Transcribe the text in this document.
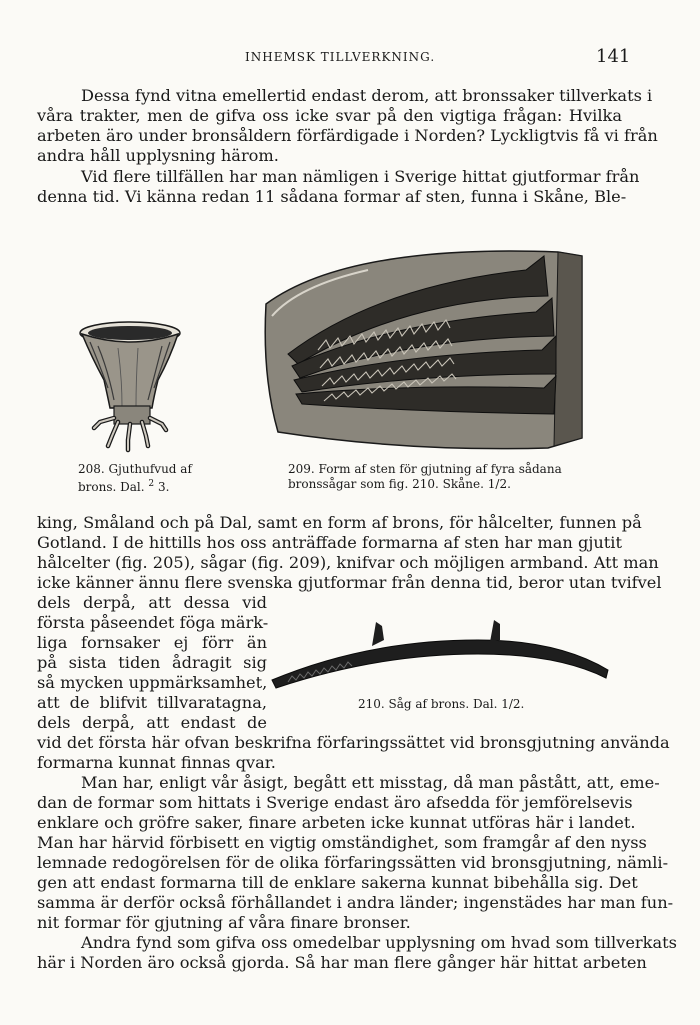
INHEMSK TILLVERKNING.	141
Dessa fynd vitna emellertid endast derom, att bronssaker tillverkats i
våra trakter, men de gifva oss icke svar på den vigtiga frågan: Hvilka
arbeten äro under bronsåldern förfärdigade i Norden? Lyckligtvis få vi från
andra håll upplysning härom.
Vid flere tillfällen har man nämligen i Sverige hittat gjutformar från
denna tid. Vi känna redan 11 sådana formar af sten, funna i Skåne, Ble-
208. Gjuthufvud af
brons. Dal. $^2$ 3.
209. Form af sten för gjutning af fyra sådana
bronssågar som fig. 210. Skåne. 1/2.
king, Småland och på Dal, samt en form af brons, för hålcelter, funnen på
Gotland. I de hittills hos oss anträffade formarna af sten har man gjutit
hålcelter (fig. 205), sågar (fig. 209), knifvar och möjligen armband. Att man
icke känner ännu flere svenska gjutformar från denna tid, beror utan tvifvel
dels derpå, att dessa vid
första påseendet föga märk-
liga fornsaker ej förr än
på sista tiden ådragit sig
så mycken uppmärksamhet,
att de blifvit tillvaratagna,
dels derpå, att endast de
210. Såg af brons. Dal. 1/2.
vid det första här ofvan beskrifna förfaringssättet vid bronsgjutning använda
formarna kunnat finnas qvar.
Man har, enligt vår åsigt, begått ett misstag, då man påstått, att, eme-
dan de formar som hittats i Sverige endast äro afsedda för jemförelsevis
enklare och gröfre saker, finare arbeten icke kunnat utföras här i landet.
Man har härvid förbisett en vigtig omständighet, som framgår af den nyss
lemnade redogörelsen för de olika förfaringssätten vid bronsgjutning, nämli-
gen att endast formarna till de enklare sakerna kunnat bibehålla sig. Det
samma är derför också förhållandet i andra länder; ingenstädes har man fun-
nit formar för gjutning af våra finare bronser.
Andra fynd som gifva oss omedelbar upplysning om hvad som tillverkats
här i Norden äro också gjorda. Så har man flere gånger här hittat arbeten
